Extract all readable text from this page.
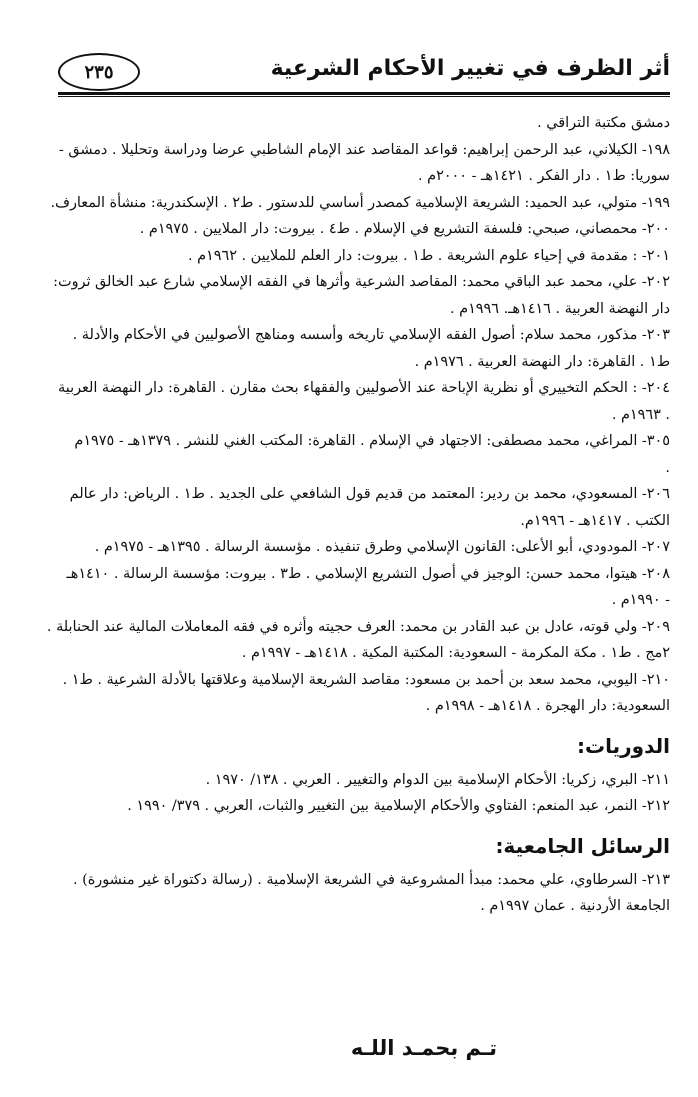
أثر الظرف في تغيير الأحكام الشرعية
٢٣٥
دمشق مكتبة التراقي .
١٩٨- الكيلاني، عبد الرحمن إبراهيم: قواعد المقاصد عند الإمام الشاطبي عرضا ودراسة وتحليلا . دمشق -
سوريا: ط١ . دار الفكر . ١٤٢١هـ - ٢٠٠٠م .
١٩٩- متولي، عبد الحميد: الشريعة الإسلامية كمصدر أساسي للدستور . ط٢ . الإسكندرية: منشأة المعارف.
٢٠٠- محمصاني، صبحي: فلسفة التشريع في الإسلام . ط٤ . بيروت: دار الملايين . ١٩٧٥م .
٢٠١- : مقدمة في إحياء علوم الشريعة . ط١ . بيروت: دار العلم للملايين . ١٩٦٢م .
٢٠٢- علي، محمد عبد الباقي محمد: المقاصد الشرعية وأثرها في الفقه الإسلامي شارع عبد الخالق ثروت:
دار النهضة العربية . ١٤١٦هـ. ١٩٩٦م .
٢٠٣- مذكور، محمد سلام: أصول الفقه الإسلامي تاريخه وأسسه ومناهج الأصوليين في الأحكام والأدلة .
ط١ . القاهرة: دار النهضة العربية . ١٩٧٦م .
٢٠٤- : الحكم التخييري أو نظرية الإباحة عند الأصوليين والفقهاء بحث مقارن . القاهرة: دار النهضة العربية
. ١٩٦٣م .
٣٠٥- المراغي، محمد مصطفى: الاجتهاد في الإسلام . القاهرة: المكتب الغني للنشر . ١٣٧٩هـ - ١٩٧٥م
.
٢٠٦- المسعودي، محمد بن ردير: المعتمد من قديم قول الشافعي على الجديد . ط١ . الرياض: دار عالم
الكتب . ١٤١٧هـ - ١٩٩٦م.
٢٠٧- المودودي، أبو الأعلى: القانون الإسلامي وطرق تنفيذه . مؤسسة الرسالة . ١٣٩٥هـ - ١٩٧٥م .
٢٠٨- هيتوا، محمد حسن: الوجيز في أصول التشريع الإسلامي . ط٣ . بيروت: مؤسسة الرسالة . ١٤١٠هـ
- ١٩٩٠م .
٢٠٩- ولي قوته، عادل بن عبد القادر بن محمد: العرف حجيته وأثره في فقه المعاملات المالية عند الحنابلة .
٢مج . ط١ . مكة المكرمة - السعودية: المكتبة المكية . ١٤١٨هـ - ١٩٩٧م .
٢١٠- اليوبي، محمد سعد بن أحمد بن مسعود: مقاصد الشريعة الإسلامية وعلاقتها بالأدلة الشرعية . ط١ .
السعودية: دار الهجرة . ١٤١٨هـ - ١٩٩٨م .
الدوريات:
٢١١- البري، زكريا: الأحكام الإسلامية بين الدوام والتغيير . العربي . ١٣٨/ ١٩٧٠ .
٢١٢- النمر، عبد المنعم: الفتاوي والأحكام الإسلامية بين التغيير والثبات، العربي . ٣٧٩/ ١٩٩٠ .
الرسائل الجامعية:
٢١٣- السرطاوي، علي محمد: مبدأ المشروعية في الشريعة الإسلامية . (رسالة دكتوراة غير منشورة) .
الجامعة الأردنية . عمان ١٩٩٧م .
تـم بحمـد اللـه
